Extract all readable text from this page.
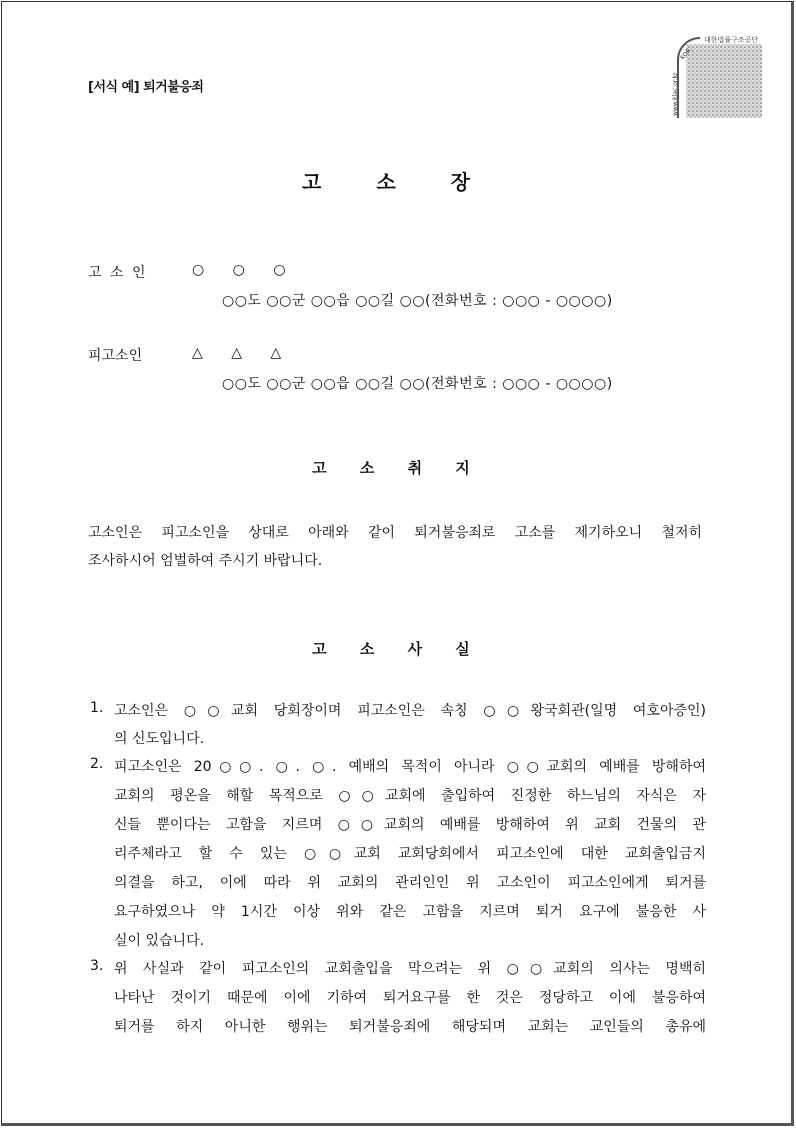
[서식 예] 퇴거불응죄
대한법률구조공단
KOR
www.klac.or.kr
고 소 장
고 소 인	○ ○ ○
○○도 ○○군 ○○읍 ○○길 ○○(전화번호 : ○○○ - ○○○○)
피고소인	△ △ △
○○도 ○○군 ○○읍 ○○길 ○○(전화번호 : ○○○ - ○○○○)
고 소 취 지
고소인은 피고소인을 상대로 아래와 같이 퇴거불응죄로 고소를 제기하오니 철저히
조사하시어 엄벌하여 주시기 바랍니다.
고 소 사 실
1. 고소인은 ○○교회 당회장이며 피고소인은 속칭 ○○왕국회관(일명 여호아증인)
의 신도입니다.
2. 피고소인은 20○○. ○. ○. 예배의 목적이 아니라 ○○교회의 예배를 방해하여
교회의 평온을 해할 목적으로 ○○교회에 출입하여 진정한 하느님의 자식은 자
신들 뿐이다는 고함을 지르며 ○○교회의 예배를 방해하여 위 교회 건물의 관
리주체라고 할 수 있는 ○○교회 교회당회에서 피고소인에 대한 교회출입금지
의결을 하고, 이에 따라 위 교회의 관리인인 위 고소인이 피고소인에게 퇴거를
요구하였으나 약 1시간 이상 위와 같은 고함을 지르며 퇴거 요구에 불응한 사
실이 있습니다.
3. 위 사실과 같이 피고소인의 교회출입을 막으려는 위 ○○교회의 의사는 명백히
나타난 것이기 때문에 이에 기하여 퇴거요구를 한 것은 정당하고 이에 불응하여
퇴거를 하지 아니한 행위는 퇴거불응죄에 해당되며 교회는 교인들의 총유에
